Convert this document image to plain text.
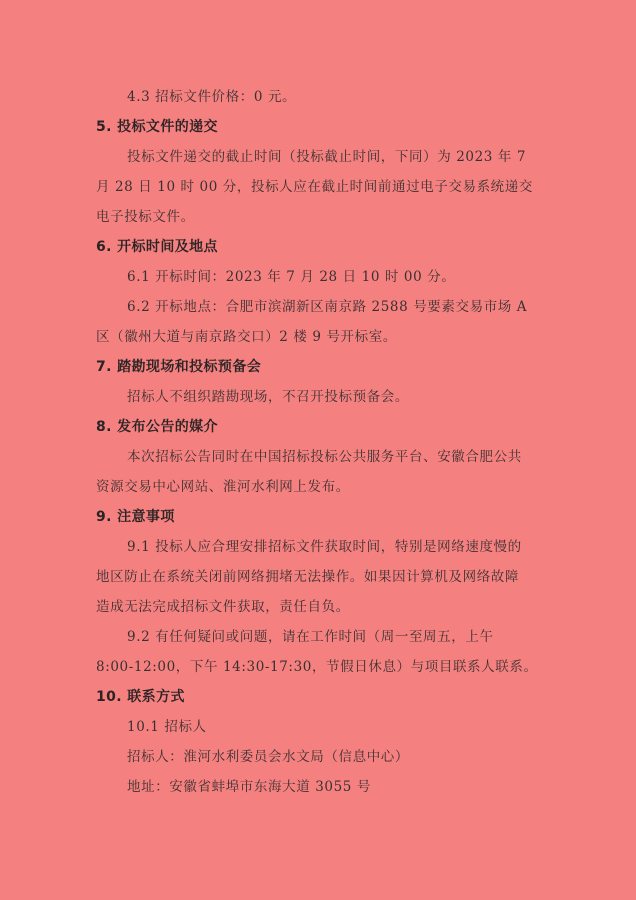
4.3 招标文件价格：0 元。
5. 投标文件的递交
投标文件递交的截止时间（投标截止时间，下同）为 2023 年 7
月 28 日 10 时 00 分，投标人应在截止时间前通过电子交易系统递交
电子投标文件。
6. 开标时间及地点
6.1 开标时间：2023 年 7 月 28 日 10 时 00 分。
6.2 开标地点：合肥市滨湖新区南京路 2588 号要素交易市场 A
区（徽州大道与南京路交口）2 楼 9 号开标室。
7. 踏勘现场和投标预备会
招标人不组织踏勘现场，不召开投标预备会。
8. 发布公告的媒介
本次招标公告同时在中国招标投标公共服务平台、安徽合肥公共
资源交易中心网站、淮河水利网上发布。
9. 注意事项
9.1 投标人应合理安排招标文件获取时间，特别是网络速度慢的
地区防止在系统关闭前网络拥堵无法操作。如果因计算机及网络故障
造成无法完成招标文件获取，责任自负。
9.2 有任何疑问或问题，请在工作时间（周一至周五，上午
8:00-12:00，下午 14:30-17:30，节假日休息）与项目联系人联系。
10. 联系方式
10.1 招标人
招标人：淮河水利委员会水文局（信息中心）
地址：安徽省蚌埠市东海大道 3055 号
